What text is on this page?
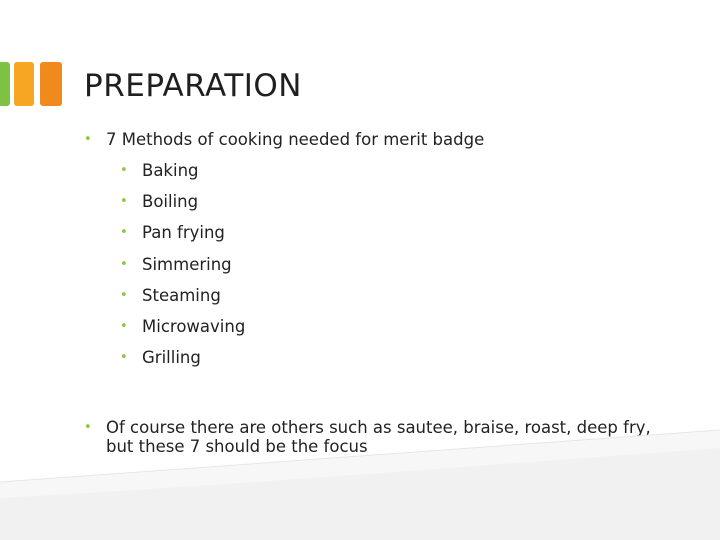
PREPARATION
• 7 Methods of cooking needed for merit badge
• Baking
• Boiling
• Pan frying
• Simmering
• Steaming
• Microwaving
• Grilling
• Of course there are others such as sautee, braise, roast, deep fry,
but these 7 should be the focus
